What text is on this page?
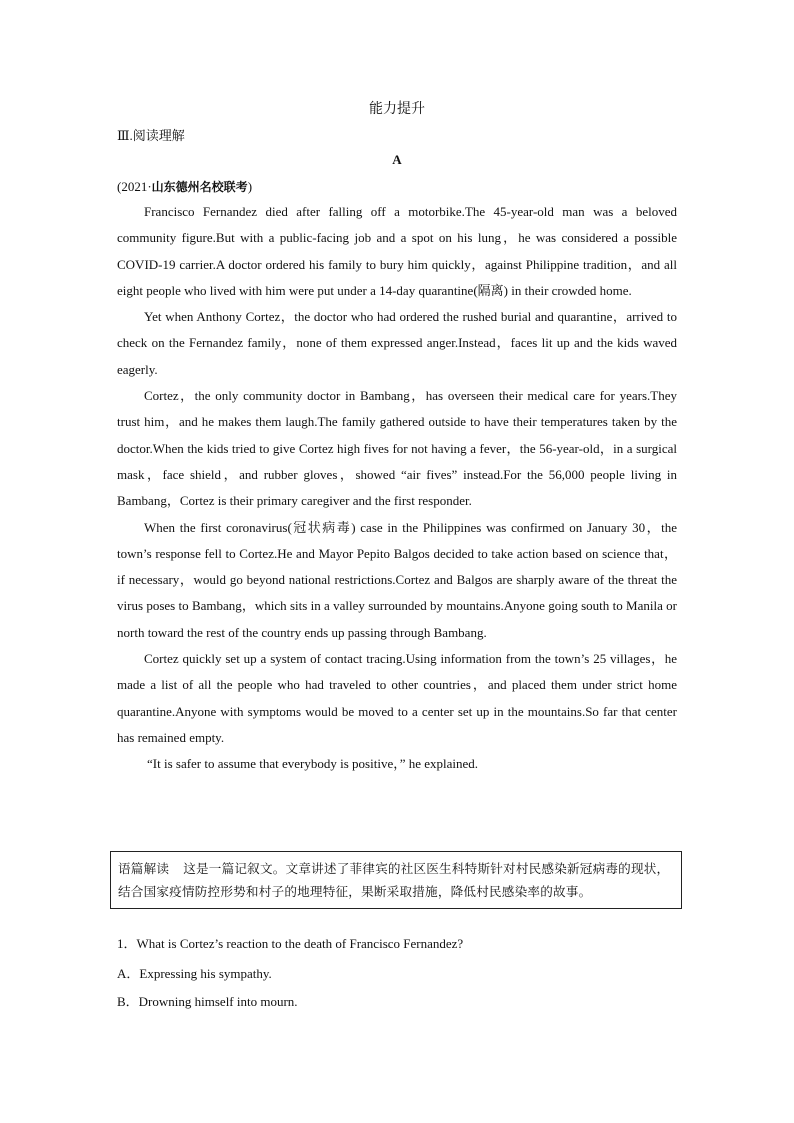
能力提升
Ⅲ.阅读理解
A
(2021·山东德州名校联考)

Francisco Fernandez died after falling off a motorbike.The 45-year-old man was a beloved community figure.But with a public-facing job and a spot on his lung，he was considered a possible COVID-19 carrier.A doctor ordered his family to bury him quickly，against Philippine tradition，and all eight people who lived with him were put under a 14-day quarantine(隔离) in their crowded home.

Yet when Anthony Cortez，the doctor who had ordered the rushed burial and quarantine，arrived to check on the Fernandez family，none of them expressed anger.Instead，faces lit up and the kids waved eagerly.

Cortez，the only community doctor in Bambang，has overseen their medical care for years.They trust him，and he makes them laugh.The family gathered outside to have their temperatures taken by the doctor.When the kids tried to give Cortez high fives for not having a fever，the 56-year-old，in a surgical mask，face shield，and rubber gloves，showed “air fives” instead.For the 56,000 people living in Bambang，Cortez is their primary caregiver and the first responder.

When the first coronavirus(冠状病毒) case in the Philippines was confirmed on January 30，the town’s response fell to Cortez.He and Mayor Pepito Balgos decided to take action based on science that，if necessary，would go beyond national restrictions.Cortez and Balgos are sharply aware of the threat the virus poses to Bambang，which sits in a valley surrounded by mountains.Anyone going south to Manila or north toward the rest of the country ends up passing through Bambang.

Cortez quickly set up a system of contact tracing.Using information from the town’s 25 villages，he made a list of all the people who had traveled to other countries，and placed them under strict home quarantine.Anyone with symptoms would be moved to a center set up in the mountains.So far that center has remained empty.

“It is safer to assume that everybody is positive，” he explained.

语篇解读 这是一篇记叙文。文章讲述了菲律宾的社区医生科特斯针对村民感染新冠病毒的现状，结合国家疫情防控形势和村子的地理特征，果断采取措施，降低村民感染率的故事。
1．What is Cortez’s reaction to the death of Francisco Fernandez?
A．Expressing his sympathy.
B．Drowning himself into mourn.
